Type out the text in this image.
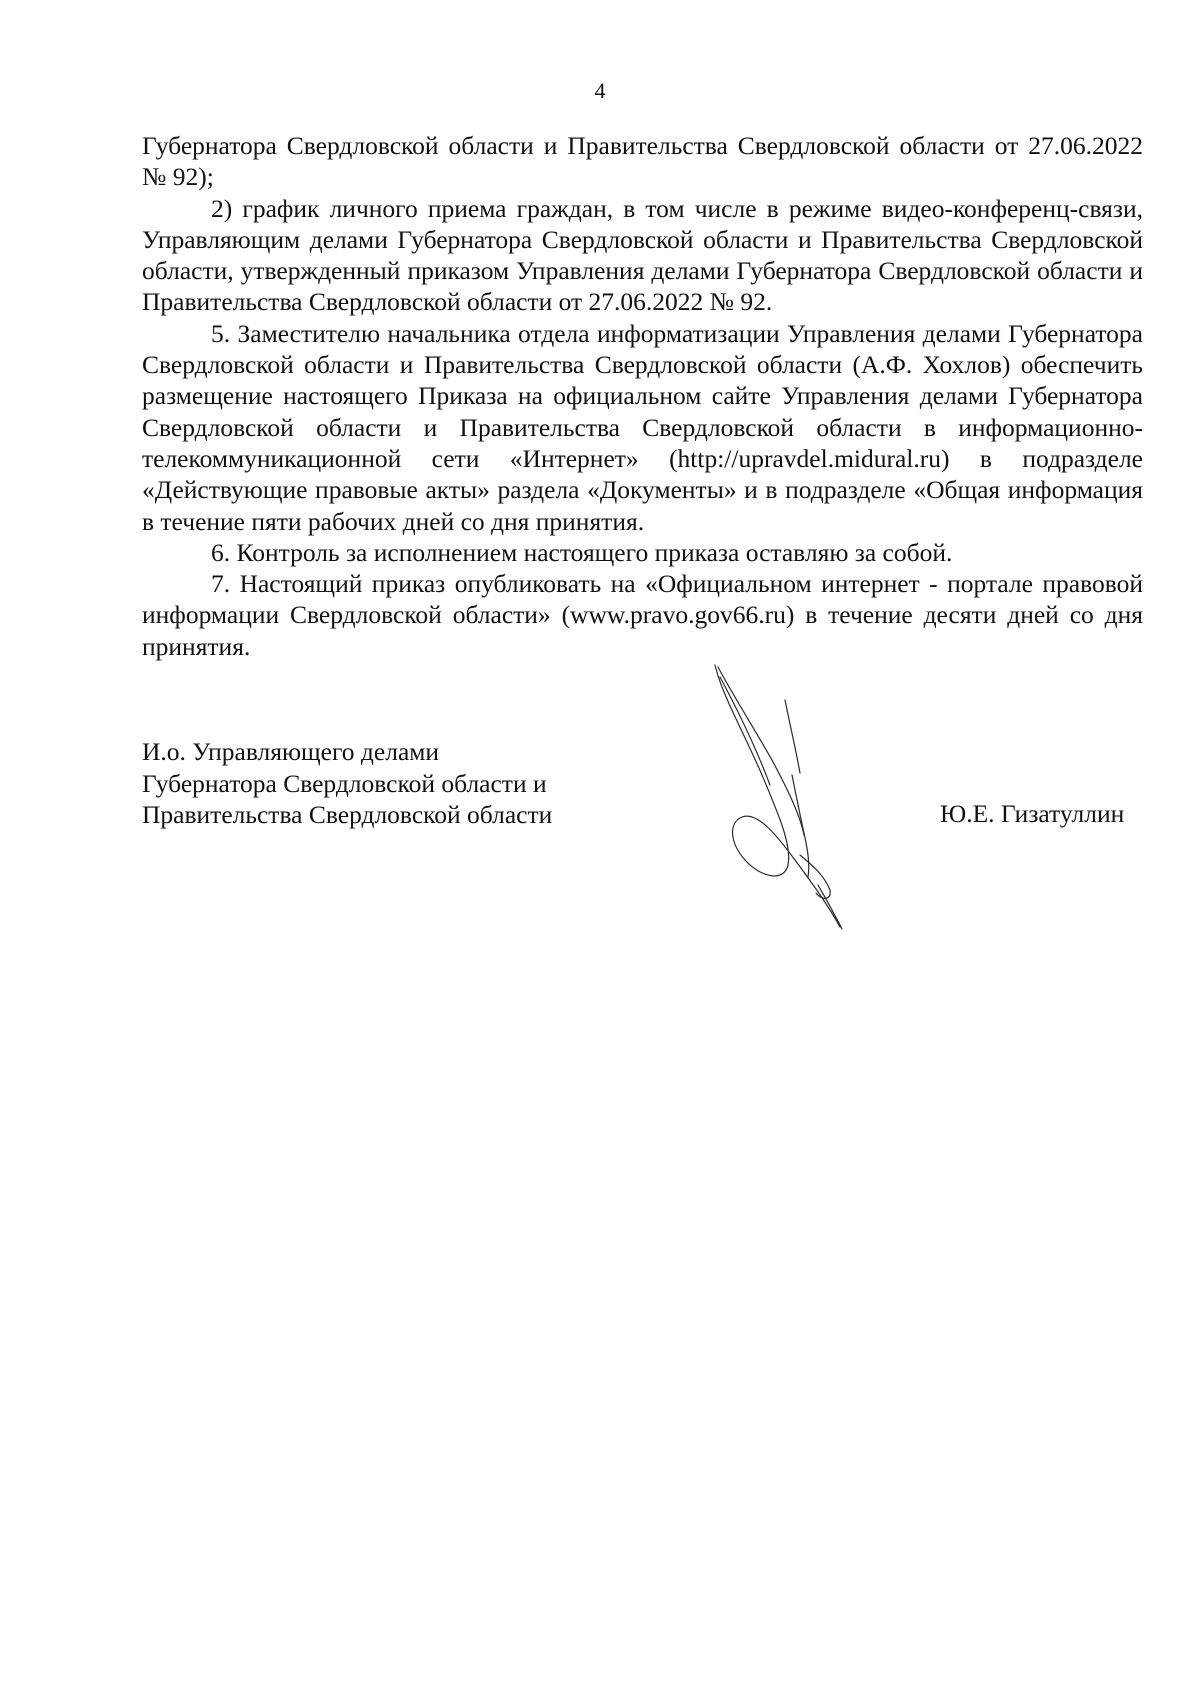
4

Губернатора Свердловской области и Правительства Свердловской области от 27.06.2022 № 92);

2) график личного приема граждан, в том числе в режиме видео-конференц-связи, Управляющим делами Губернатора Свердловской области и Правительства Свердловской области, утвержденный приказом Управления делами Губернатора Свердловской области и Правительства Свердловской области от 27.06.2022 № 92.

5. Заместителю начальника отдела информатизации Управления делами Губернатора Свердловской области и Правительства Свердловской области (А.Ф. Хохлов) обеспечить размещение настоящего Приказа на официальном сайте Управления делами Губернатора Свердловской области и Правительства Свердловской области в информационно-телекоммуникационной сети «Интернет» (http://upravdel.midural.ru) в подразделе «Действующие правовые акты» раздела «Документы» и в подразделе «Общая информация в течение пяти рабочих дней со дня принятия.

6. Контроль за исполнением настоящего приказа оставляю за собой.

7. Настоящий приказ опубликовать на «Официальном интернет - портале правовой информации Свердловской области» (www.pravo.gov66.ru) в течение десяти дней со дня принятия.

И.о. Управляющего делами
Губернатора Свердловской области и
Правительства Свердловской области	Ю.Е. Гизатуллин
